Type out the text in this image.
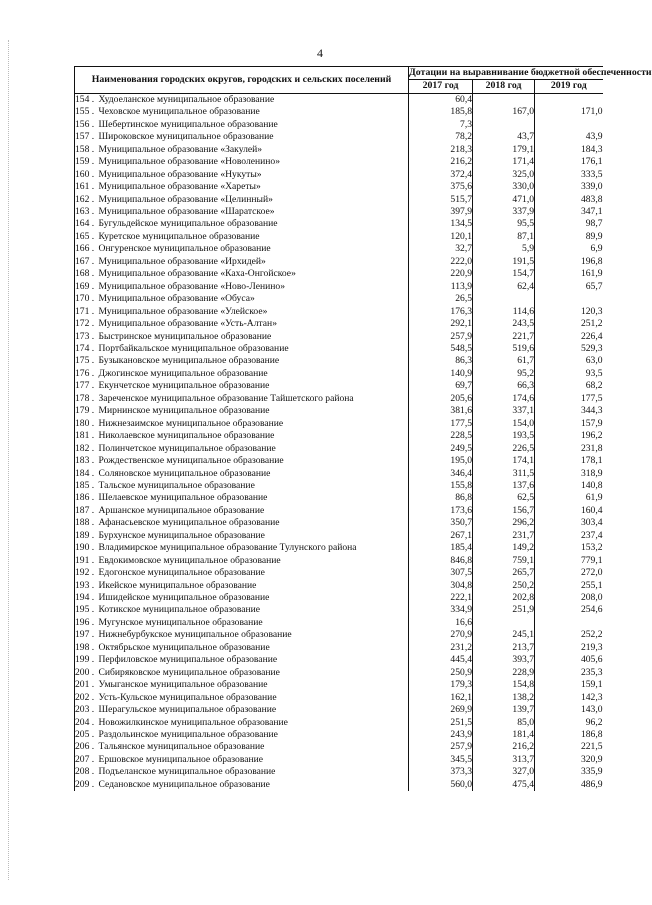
4
Наименования городских округов, городских и сельских поселений		Дотации на выравнивание бюджетной обеспеченности		
		2017 год	2018 год	2019 год
154 .	Худоеланское муниципальное образование	60,4		
155 .	Чеховское муниципальное образование	185,8	167,0	171,0
156 .	Шебертинское муниципальное образование	7,3		
157 .	Широковское муниципальное образование	78,2	43,7	43,9
158 .	Муниципальное образование «Закулей»	218,3	179,1	184,3
159 .	Муниципальное образование «Новоленино»	216,2	171,4	176,1
160 .	Муниципальное образование «Нукуты»	372,4	325,0	333,5
161 .	Муниципальное образование «Хареты»	375,6	330,0	339,0
162 .	Муниципальное образование «Целинный»	515,7	471,0	483,8
163 .	Муниципальное образование «Шаратское»	397,9	337,9	347,1
164 .	Бугульдейское муниципальное образование	134,5	95,5	98,7
165 .	Куретское муниципальное образование	120,1	87,1	89,9
166 .	Онгуренское муниципальное образование	32,7	5,9	6,9
167 .	Муниципальное образование «Ирхидей»	222,0	191,5	196,8
168 .	Муниципальное образование «Каха-Онгойское»	220,9	154,7	161,9
169 .	Муниципальное образование «Ново-Ленино»	113,9	62,4	65,7
170 .	Муниципальное образование «Обуса»	26,5		
171 .	Муниципальное образование «Улейское»	176,3	114,6	120,3
172 .	Муниципальное образование «Усть-Алтан»	292,1	243,5	251,2
173 .	Быстринское муниципальное образование	257,9	221,7	226,4
174 .	Портбайкальское муниципальное образование	548,5	519,6	529,3
175 .	Бузыкановское муниципальное образование	86,3	61,7	63,0
176 .	Джогинское муниципальное образование	140,9	95,2	93,5
177 .	Екунчетское муниципальное образование	69,7	66,3	68,2
178 .	Зареченское муниципальное образование Тайшетского района	205,6	174,6	177,5
179 .	Мирнинское муниципальное образование	381,6	337,1	344,3
180 .	Нижнезаимское муниципальное образование	177,5	154,0	157,9
181 .	Николаевское муниципальное образование	228,5	193,5	196,2
182 .	Полинчетское муниципальное образование	249,5	226,5	231,8
183 .	Рождественское муниципальное образование	195,0	174,1	178,1
184 .	Соляновское муниципальное образование	346,4	311,5	318,9
185 .	Тальское муниципальное образование	155,8	137,6	140,8
186 .	Шелаевское муниципальное образование	86,8	62,5	61,9
187 .	Аршанское муниципальное образование	173,6	156,7	160,4
188 .	Афанасьевское муниципальное образование	350,7	296,2	303,4
189 .	Бурхунское муниципальное образование	267,1	231,7	237,4
190 .	Владимирское муниципальное образование Тулунского района	185,4	149,2	153,2
191 .	Евдокимовское муниципальное образование	846,8	759,1	779,1
192 .	Едогонское муниципальное образование	307,5	265,7	272,0
193 .	Икейское муниципальное образование	304,8	250,2	255,1
194 .	Ишидейское муниципальное образование	222,1	202,8	208,0
195 .	Котикское муниципальное образование	334,9	251,9	254,6
196 .	Мугунское муниципальное образование	16,6		
197 .	Нижнебурбукское муниципальное образование	270,9	245,1	252,2
198 .	Октябрьское муниципальное образование	231,2	213,7	219,3
199 .	Перфиловское муниципальное образование	445,4	393,7	405,6
200 .	Сибиряковское муниципальное образование	250,9	228,9	235,3
201 .	Умыганское муниципальное образование	179,3	154,8	159,1
202 .	Усть-Кульское муниципальное образование	162,1	138,2	142,3
203 .	Шерагульское муниципальное образование	269,9	139,7	143,0
204 .	Новожилкинское муниципальное образование	251,5	85,0	96,2
205 .	Раздольинское муниципальное образование	243,9	181,4	186,8
206 .	Тальянское муниципальное образование	257,9	216,2	221,5
207 .	Ершовское муниципальное образование	345,5	313,7	320,9
208 .	Подъеланское муниципальное образование	373,3	327,0	335,9
209 .	Седановское муниципальное образование	560,0	475,4	486,9
